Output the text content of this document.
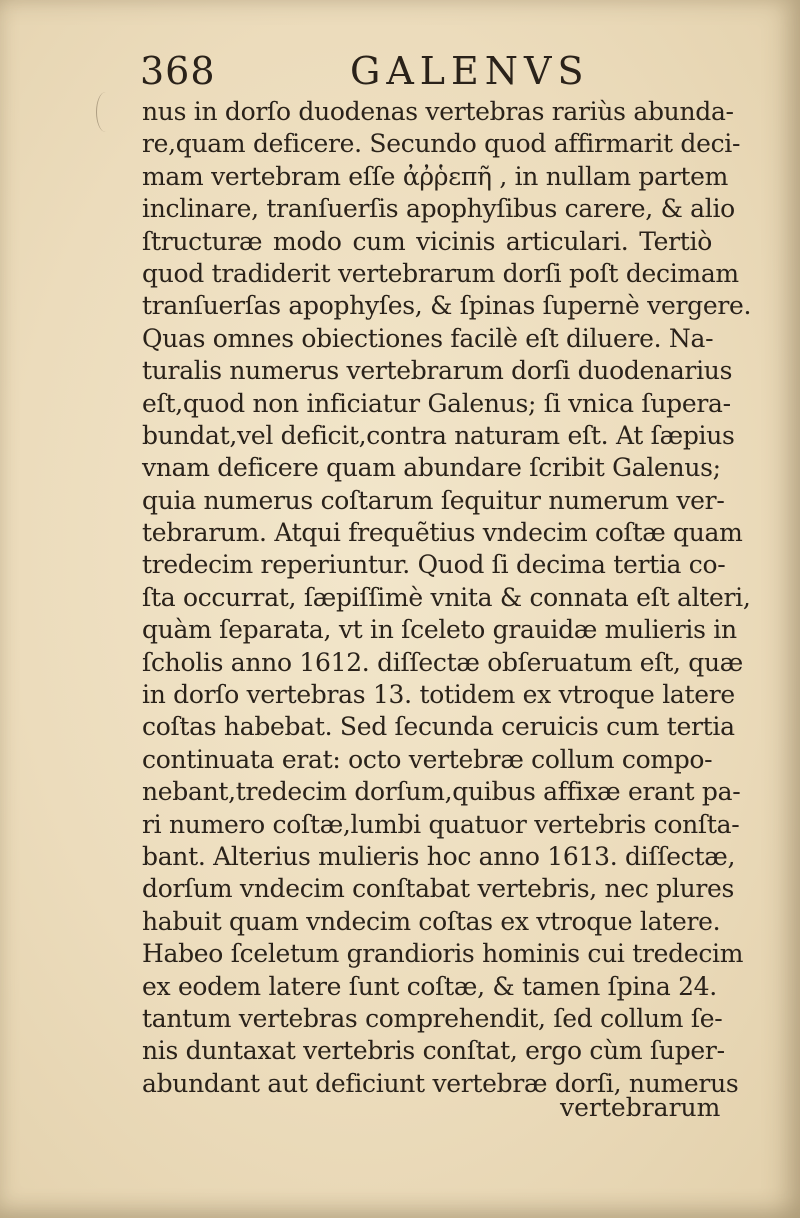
368	GALENVS
nus in dorſo duodenas vertebras rariùs abunda-
re,quam deficere. Secundo quod affirmarit deci-
mam vertebram eſſe ἀῤῥεπῆ , in nullam partem
inclinare, tranſuerſis apophyſibus carere, & alio
ſtructuræ modo cum vicinis articulari. Tertiò
quod tradiderit vertebrarum dorſi poſt decimam
tranſuerſas apophyſes, & ſpinas ſupernè vergere.
Quas omnes obiectiones facilè eſt diluere. Na-
turalis numerus vertebrarum dorſi duodenarius
eſt,quod non inficiatur Galenus; ſi vnica ſupera-
bundat,vel deficit,contra naturam eſt. At ſæpius
vnam deficere quam abundare ſcribit Galenus;
quia numerus coſtarum ſequitur numerum ver-
tebrarum. Atqui frequẽtius vndecim coſtæ quam
tredecim reperiuntur. Quod ſi decima tertia co-
ſta occurrat, ſæpiſſimè vnita & connata eſt alteri,
quàm ſeparata, vt in ſceleto grauidæ mulieris in
ſcholis anno 1612. diſſectæ obſeruatum eſt, quæ
in dorſo vertebras 13. totidem ex vtroque latere
coſtas habebat. Sed ſecunda ceruicis cum tertia
continuata erat: octo vertebræ collum compo-
nebant,tredecim dorſum,quibus affixæ erant pa-
ri numero coſtæ,lumbi quatuor vertebris conſta-
bant. Alterius mulieris hoc anno 1613. diſſectæ,
dorſum vndecim conſtabat vertebris, nec plures
habuit quam vndecim coſtas ex vtroque latere.
Habeo ſceletum grandioris hominis cui tredecim
ex eodem latere ſunt coſtæ, & tamen ſpina 24.
tantum vertebras comprehendit, ſed collum ſe-
nis duntaxat vertebris conſtat, ergo cùm ſuper-
abundant aut deficiunt vertebræ dorſi, numerus
vertebrarum
